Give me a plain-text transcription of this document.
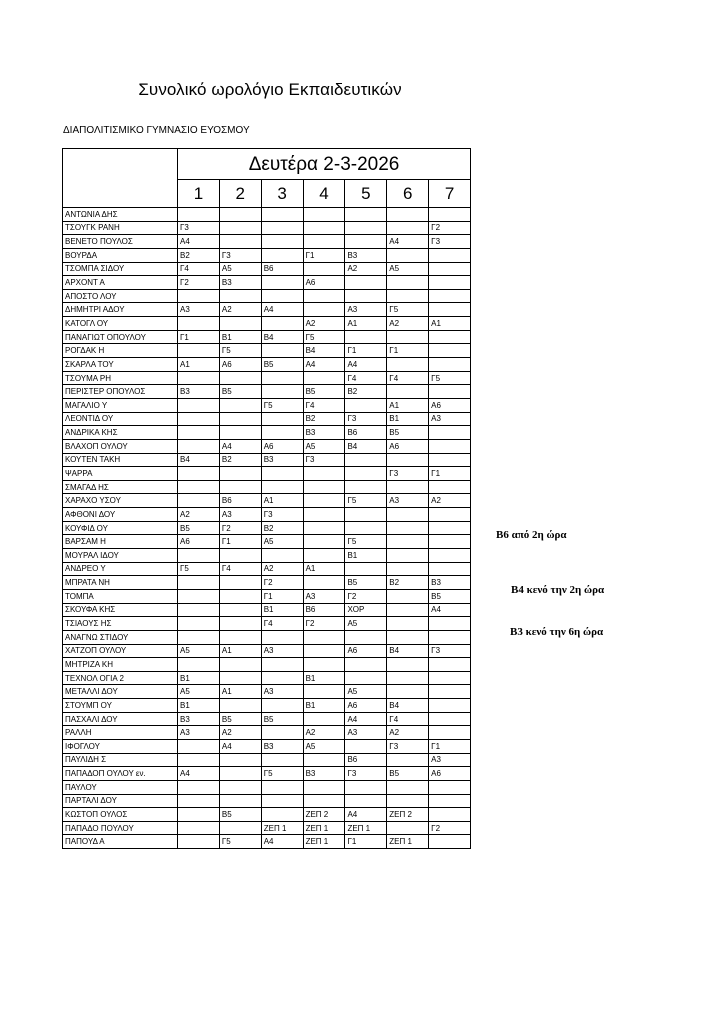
Συνολικό ωρολόγιο Εκπαιδευτικών
ΔΙΑΠΟΛΙΤΙΣΜΙΚΟ ΓΥΜΝΑΣΙΟ ΕΥΟΣΜΟΥ
	Δευτέρα 2-3-2026						
	1	2	3	4	5	6	7
ΑΝΤΩΝΙΑ ΔΗΣ							
ΤΣΟΥΓΚ ΡΑΝΗ	Γ3						Γ2
ΒΕΝΕΤΟ ΠΟΥΛΟΣ	Α4					Α4	Γ3
ΒΟΥΡΔΑ	Β2	Γ3		Γ1	Β3		
ΤΣΟΜΠΑ ΣΙΔΟΥ	Γ4	Α5	Β6		Α2	Α5	
ΑΡΧΟΝΤ Α	Γ2	Β3		Α6			
ΑΠΟΣΤΟ ΛΟΥ							
ΔΗΜΗΤΡΙ ΑΔΟΥ	Α3	Α2	Α4		Α3	Γ5	
ΚΑΤΟΓΛ ΟΥ				Α2	Α1	Α2	Α1
ΠΑΝΑΓΙΩΤ ΟΠΟΥΛΟΥ	Γ1	Β1	Β4	Γ5			
ΡΟΓΔΑΚ Η		Γ5		Β4	Γ1	Γ1	
ΣΚΑΡΛΑ ΤΟΥ	Α1	Α6	Β5	Α4	Α4		
ΤΣΟΥΜΑ ΡΗ					Γ4	Γ4	Γ5
ΠΕΡΙΣΤΕΡ ΟΠΟΥΛΟΣ	Β3	Β5		Β5	Β2		
ΜΑΓΑΛΙΟ Υ			Γ5	Γ4		Α1	Α6
ΛΕΟΝΤΙΔ ΟΥ				Β2	Γ3	Β1	Α3
ΑΝΔΡΙΚΑ ΚΗΣ				Β3	Β6	Β5	
ΒΛΑΧΟΠ ΟΥΛΟΥ		Α4	Α6	Α5	Β4	Α6	
ΚΟΥΤΕΝ ΤΑΚΗ	Β4	Β2	Β3	Γ3			
ΨΑΡΡΑ						Γ3	Γ1
ΣΜΑΓΑΔ ΗΣ							
ΧΑΡΑΧΟ ΥΣΟΥ		Β6	Α1		Γ5	Α3	Α2
ΑΦΘΟΝΙ ΔΟΥ	Α2	Α3	Γ3				
ΚΟΥΦΙΔ ΟΥ	Β5	Γ2	Β2				
ΒΑΡΣΑΜ Η	Α6	Γ1	Α5		Γ5		
ΜΟΥΡΑΛ ΙΔΟΥ					Β1		
ΑΝΔΡΕΟ Υ	Γ5	Γ4	Α2	Α1			
ΜΠΡΑΤΑ ΝΗ			Γ2		Β5	Β2	Β3
ΤΟΜΠΑ			Γ1	Α3	Γ2		Β5
ΣΚΟΥΦΑ ΚΗΣ			Β1	Β6	ΧΟΡ		Α4
ΤΣΙΑΟΥΣ ΗΣ			Γ4	Γ2	Α5		
ΑΝΑΓΝΩ ΣΤΙΔΟΥ							
ΧΑΤΖΟΠ ΟΥΛΟΥ	Α5	Α1	Α3		Α6	Β4	Γ3
ΜΗΤΡΙΖΑ ΚΗ							
ΤΕΧΝΟΛ ΟΓΙΑ 2	Β1			Β1			
ΜΕΤΑΛΛΙ ΔΟΥ	Α5	Α1	Α3		Α5		
ΣΤΟΥΜΠ ΟΥ	Β1			Β1	Α6	Β4	
ΠΑΣΧΑΛΙ ΔΟΥ	Β3	Β5	Β5		Α4	Γ4	
ΡΑΛΛΗ	Α3	Α2		Α2	Α3	Α2	
ΙΦΟΓΛΟΥ		Α4	Β3	Α5		Γ3	Γ1
ΠΑΥΛΙΔΗ Σ					Β6		Α3
ΠΑΠΑΔΟΠ ΟΥΛΟΥ εν.	Α4		Γ5	Β3	Γ3	Β5	Α6
ΠΑΥΛΟΥ							
ΠΑΡΤΑΛΙ ΔΟΥ							
ΚΩΣΤΟΠ ΟΥΛΟΣ		Β5		ΖΕΠ 2	Α4	ΖΕΠ 2	
ΠΑΠΑΔΟ ΠΟΥΛΟΥ			ΖΕΠ 1	ΖΕΠ 1	ΖΕΠ 1		Γ2
ΠΑΠΟΥΔ Α		Γ5	Α4	ΖΕΠ 1	Γ1	ΖΕΠ 1	
Β6 από 2η ώρα
Β4 κενό την 2η ώρα
Β3 κενό την 6η ώρα
